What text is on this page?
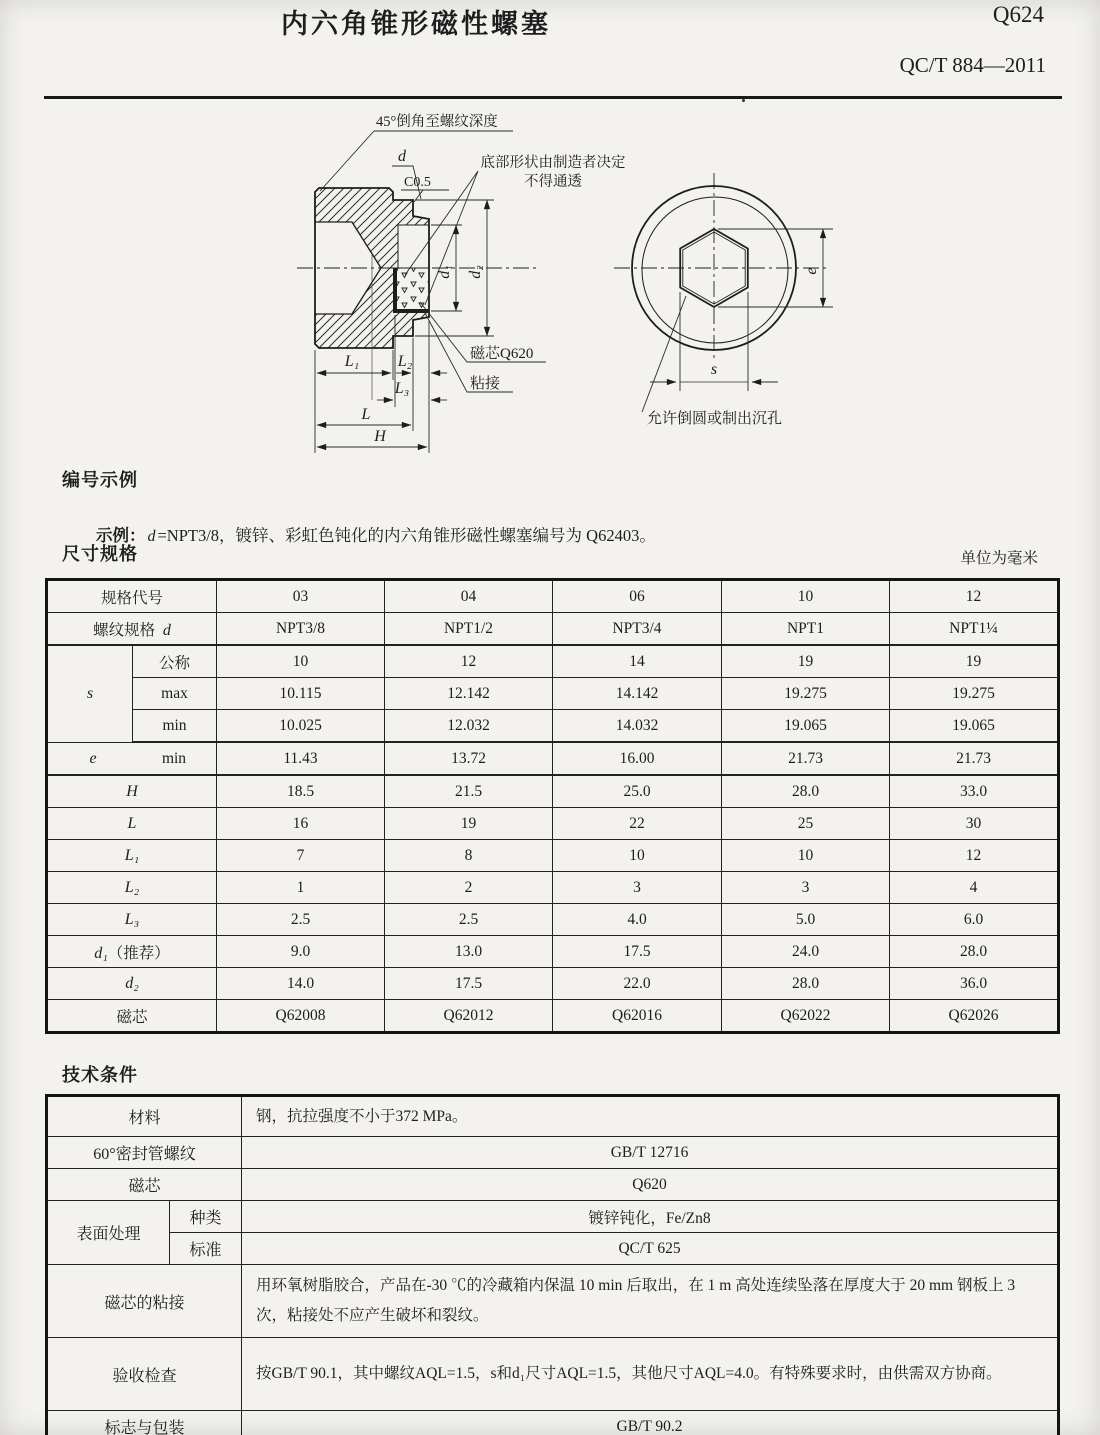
内六角锥形磁性螺塞	Q624
QC/T 884—2011
45°倒角至螺纹深度
d
C0.5
底部形状由制造者决定
不得通透
d₁ d₂
磁芯Q620
粘接
L₁ L₂
L₃
L
H
e
s
允许倒圆或制出沉孔
编号示例

示例： d =NPT3/8，镀锌、彩虹色钝化的内六角锥形磁性螺塞编号为 Q62403。

尺寸规格	单位为毫米
规格代号		03	04	06	10	12
螺纹规格 d		NPT3/8	NPT1/2	NPT3/4	NPT1	NPT1¼
s	公称	10	12	14	19	19
	max	10.115	12.142	14.142	19.275	19.275
	min	10.025	12.032	14.032	19.065	19.065
e min		11.43	13.72	16.00	21.73	21.73
H		18.5	21.5	25.0	28.0	33.0
L		16	19	22	25	30
L₁		7	8	10	10	12
L₂		1	2	3	3	4
L₃		2.5	2.5	4.0	5.0	6.0
d₁（推荐）		9.0	13.0	17.5	24.0	28.0
d₂		14.0	17.5	22.0	28.0	36.0
磁芯		Q62008	Q62012	Q62016	Q62022	Q62026
技术条件
材料		钢，抗拉强度不小于372 MPa。
60°密封管螺纹		GB/T 12716
磁芯		Q620
表面处理	种类	镀锌钝化，Fe/Zn8
	标准	QC/T 625
磁芯的粘接		用环氧树脂胶合，产品在-30 ℃的冷藏箱内保温 10 min 后取出，在 1 m 高处连续坠落在厚度大于 20 mm 钢板上 3 次，粘接处不应产生破坏和裂纹。
验收检查		按GB/T 90.1，其中螺纹AQL=1.5，s和d₁尺寸AQL=1.5，其他尺寸AQL=4.0。有特殊要求时，由供需双方协商。
标志与包装		GB/T 90.2
